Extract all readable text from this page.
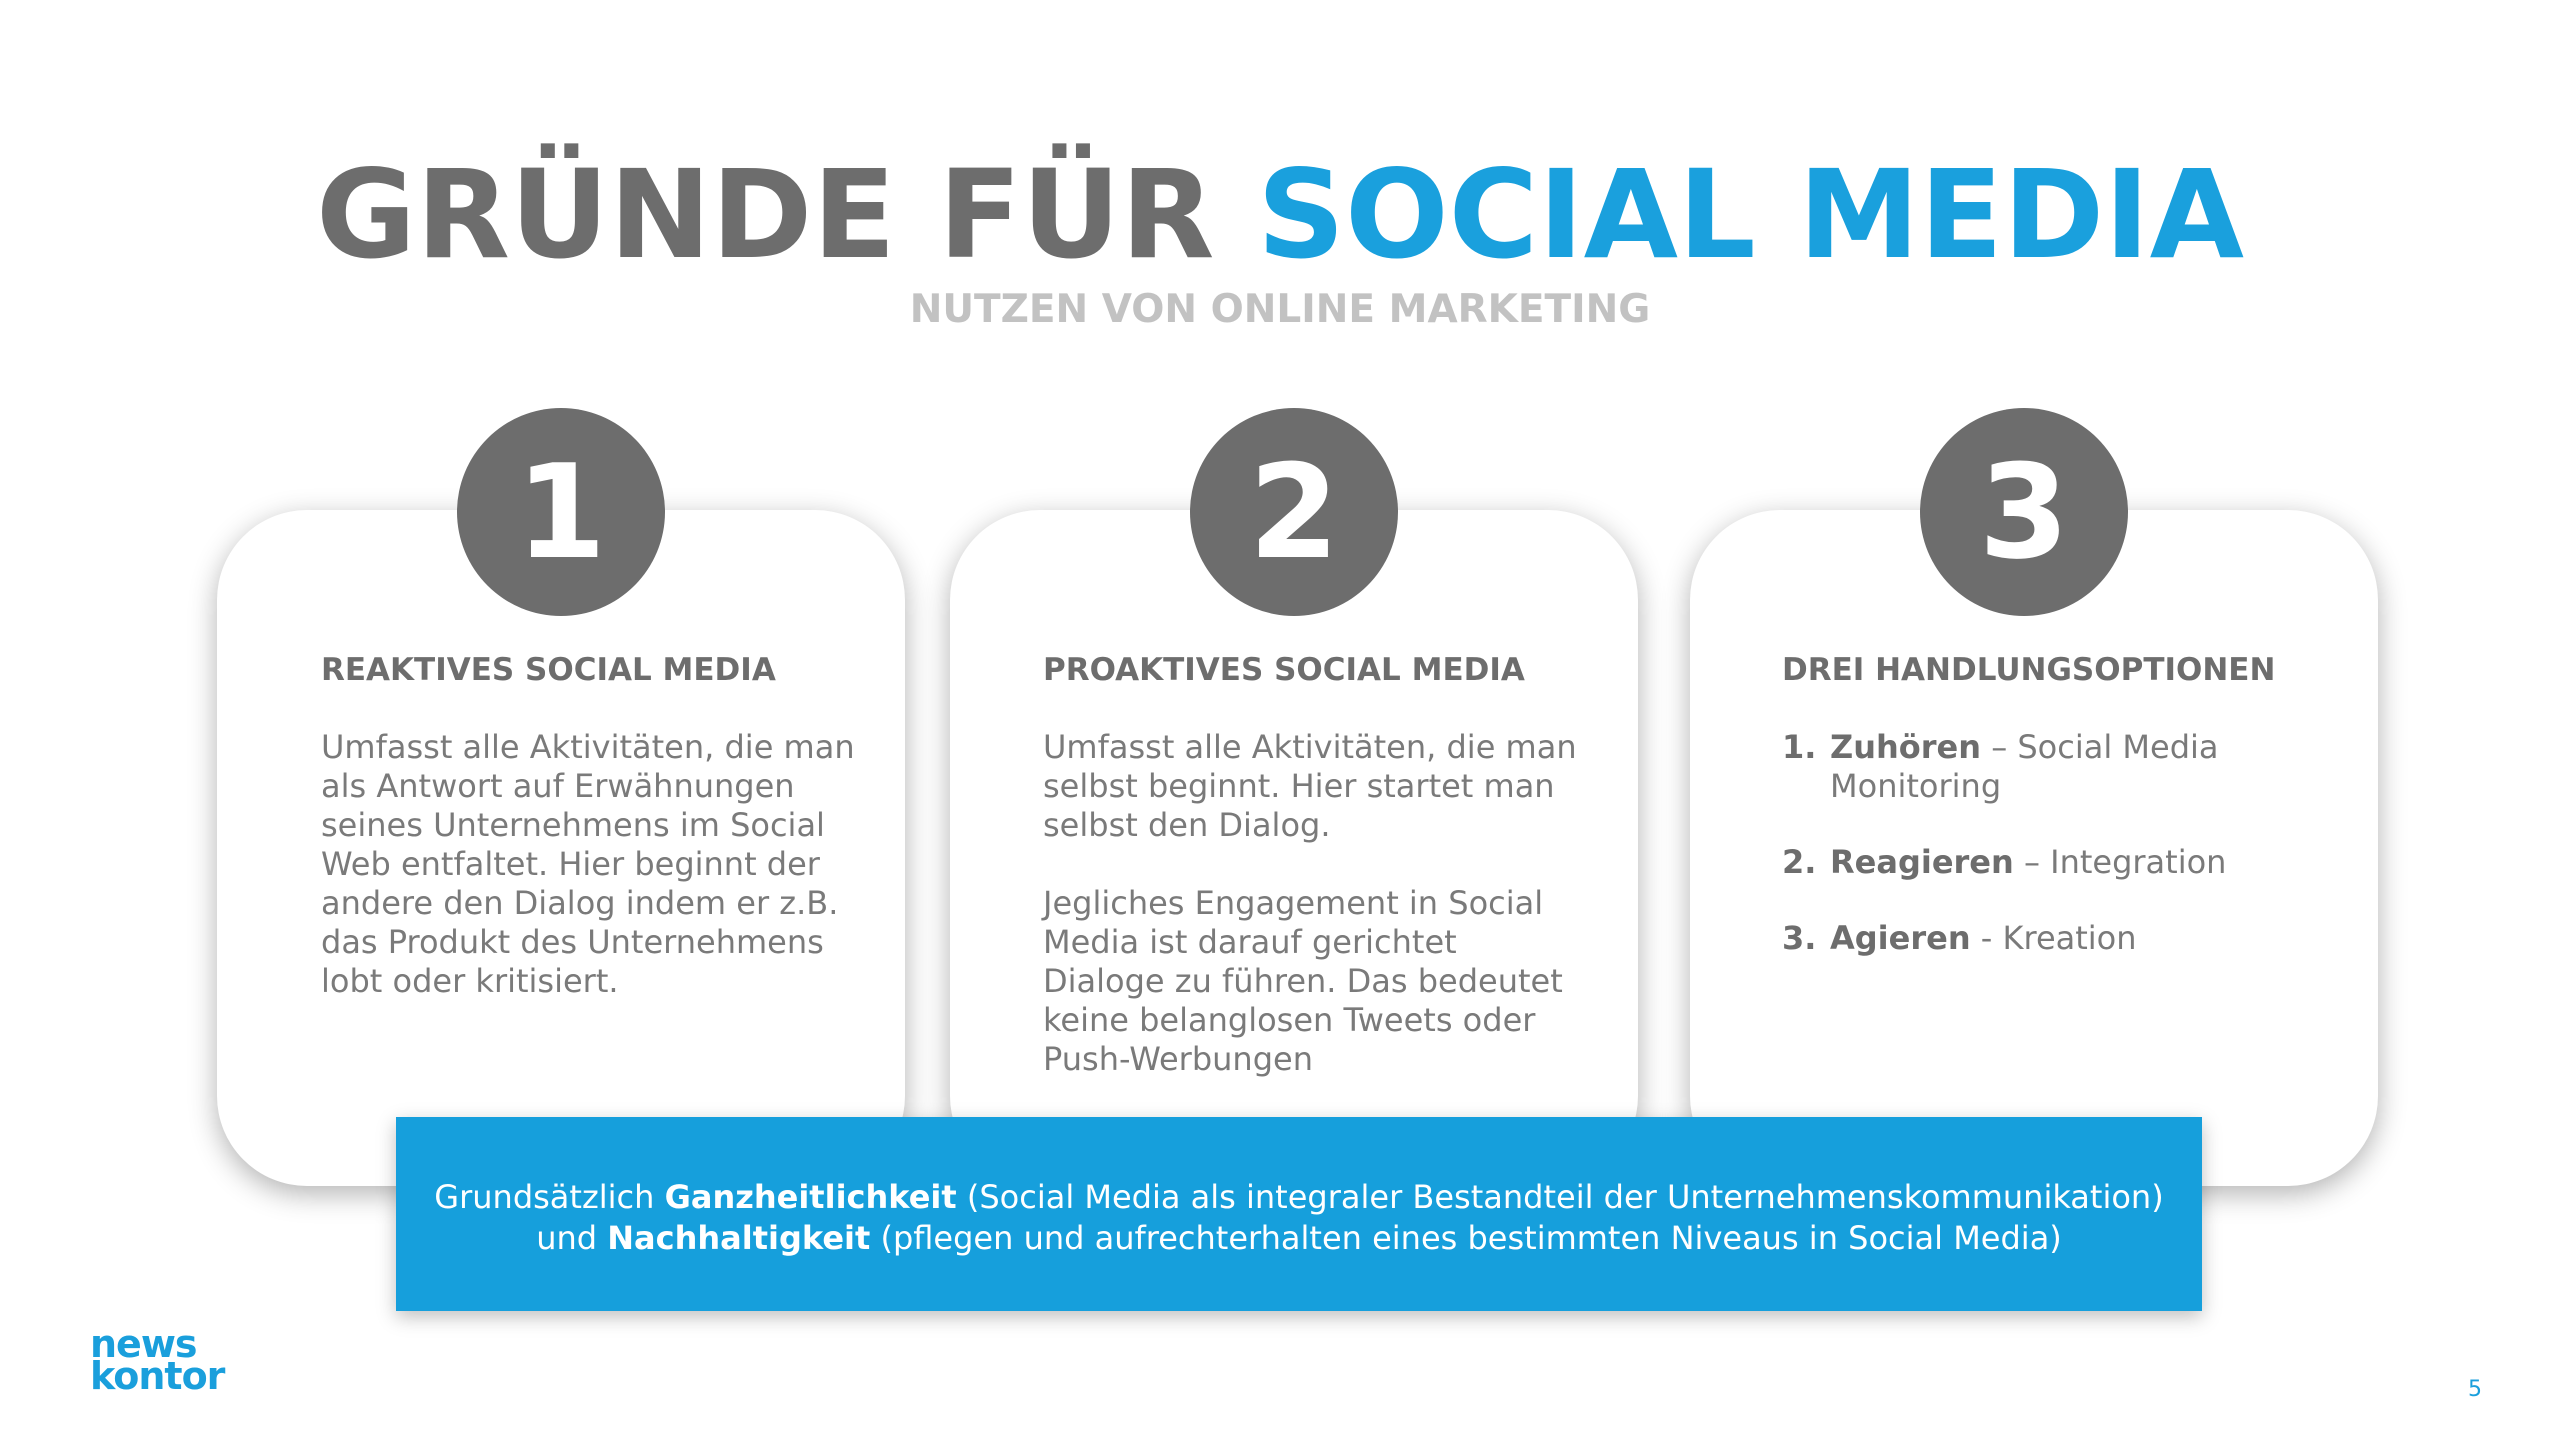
GRÜNDE FÜR SOCIAL MEDIA
NUTZEN VON ONLINE MARKETING
REAKTIVES SOCIAL MEDIA

Umfasst alle Aktivitäten, die man als Antwort auf Erwähnungen seines Unternehmens im Social Web entfaltet. Hier beginnt der andere den Dialog indem er z.B. das Produkt des Unternehmens lobt oder kritisiert.

PROAKTIVES SOCIAL MEDIA

Umfasst alle Aktivitäten, die man selbst beginnt. Hier startet man selbst den Dialog.

Jegliches Engagement in Social Media ist darauf gerichtet Dialoge zu führen. Das bedeutet keine belanglosen Tweets oder Push-Werbungen

DREI HANDLUNGSOPTIONEN
1. Zuhören – Social Media Monitoring
2. Reagieren – Integration
3. Agieren - Kreation
1	2	3
Grundsätzlich Ganzheitlichkeit (Social Media als integraler Bestandteil der Unternehmenskommunikation)
und Nachhaltigkeit (pflegen und aufrechterhalten eines bestimmten Niveaus in Social Media)
news
kontor	5
